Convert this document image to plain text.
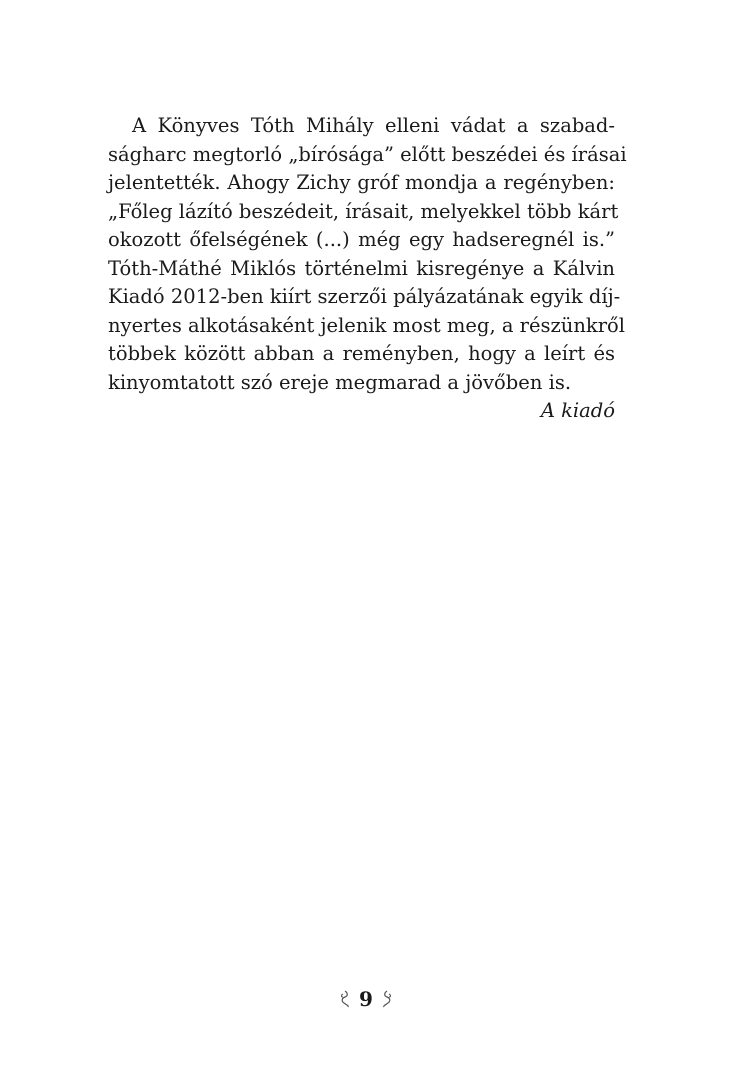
A Könyves Tóth Mihály elleni vádat a szabad-
ságharc megtorló „bírósága” előtt beszédei és írásai
jelentették. Ahogy Zichy gróf mondja a regényben:
„Főleg lázító beszédeit, írásait, melyekkel több kárt
okozott őfelségének (...) még egy hadseregnél is.”
Tóth-Máthé Miklós történelmi kisregénye a Kálvin
Kiadó 2012-ben kiírt szerzői pályázatának egyik díj-
nyertes alkotásaként jelenik most meg, a részünkről
többek között abban a reményben, hogy a leírt és
kinyomtatott szó ereje megmarad a jövőben is.

A kiadó
9
